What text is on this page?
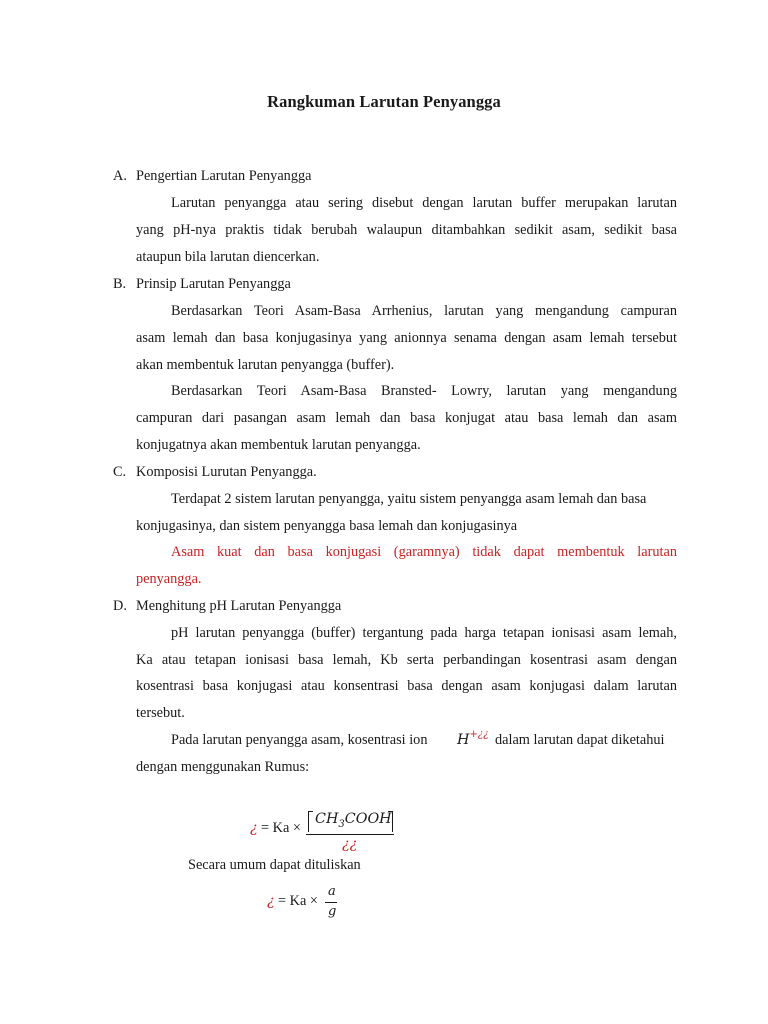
Rangkuman Larutan Penyangga
A. Pengertian Larutan Penyangga
Larutan penyangga atau sering disebut dengan larutan buffer merupakan larutan
yang pH-nya praktis tidak berubah walaupun ditambahkan sedikit asam, sedikit basa
ataupun bila larutan diencerkan.
B. Prinsip Larutan Penyangga
Berdasarkan Teori Asam-Basa Arrhenius, larutan yang mengandung campuran
asam lemah dan basa konjugasinya yang anionnya senama dengan asam lemah tersebut
akan membentuk larutan penyangga (buffer).
Berdasarkan Teori Asam-Basa Bransted- Lowry, larutan yang mengandung
campuran dari pasangan asam lemah dan basa konjugat atau basa lemah dan asam
konjugatnya akan membentuk larutan penyangga.
C. Komposisi Lurutan Penyangga.
Terdapat 2 sistem larutan penyangga, yaitu sistem penyangga asam lemah dan basa
konjugasinya, dan sistem penyangga basa lemah dan konjugasinya
Asam kuat dan basa konjugasi (garamnya) tidak dapat membentuk larutan
penyangga.
D. Menghitung pH Larutan Penyangga
pH larutan penyangga (buffer) tergantung pada harga tetapan ionisasi asam lemah,
Ka atau tetapan ionisasi basa lemah, Kb serta perbandingan kosentrasi asam dengan
kosentrasi basa konjugasi atau konsentrasi basa dengan asam konjugasi dalam larutan
tersebut.
Pada larutan penyangga asam, kosentrasi ion H+¿¿ dalam larutan dapat diketahui
dengan menggunakan Rumus:
¿ = Ka ×
$CH_3COOH$
¿¿
Secara umum dapat dituliskan
¿ = Ka ×
a
g
